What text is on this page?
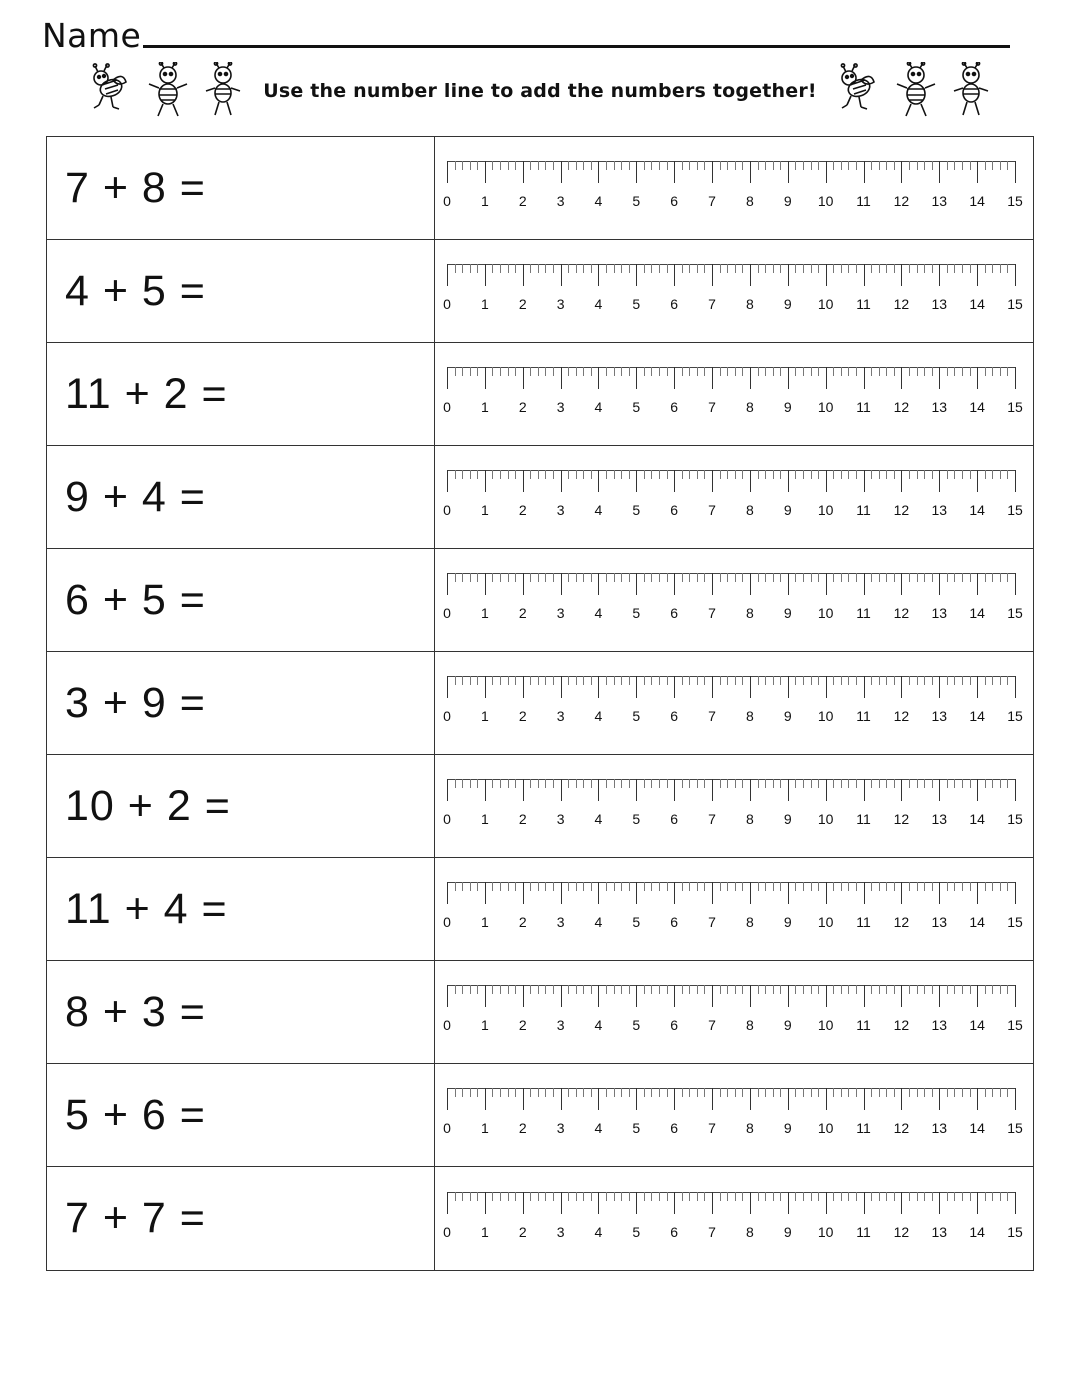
Name
Use the number line to add the numbers together!
7 + 8 =	0 1 2 3 4 5 6 7 8 9 10 11 12 13 14 15
4 + 5 =	0 1 2 3 4 5 6 7 8 9 10 11 12 13 14 15
11 + 2 =	0 1 2 3 4 5 6 7 8 9 10 11 12 13 14 15
9 + 4 =	0 1 2 3 4 5 6 7 8 9 10 11 12 13 14 15
6 + 5 =	0 1 2 3 4 5 6 7 8 9 10 11 12 13 14 15
3 + 9 =	0 1 2 3 4 5 6 7 8 9 10 11 12 13 14 15
10 + 2 =	0 1 2 3 4 5 6 7 8 9 10 11 12 13 14 15
11 + 4 =	0 1 2 3 4 5 6 7 8 9 10 11 12 13 14 15
8 + 3 =	0 1 2 3 4 5 6 7 8 9 10 11 12 13 14 15
5 + 6 =	0 1 2 3 4 5 6 7 8 9 10 11 12 13 14 15
7 + 7 =	0 1 2 3 4 5 6 7 8 9 10 11 12 13 14 15
